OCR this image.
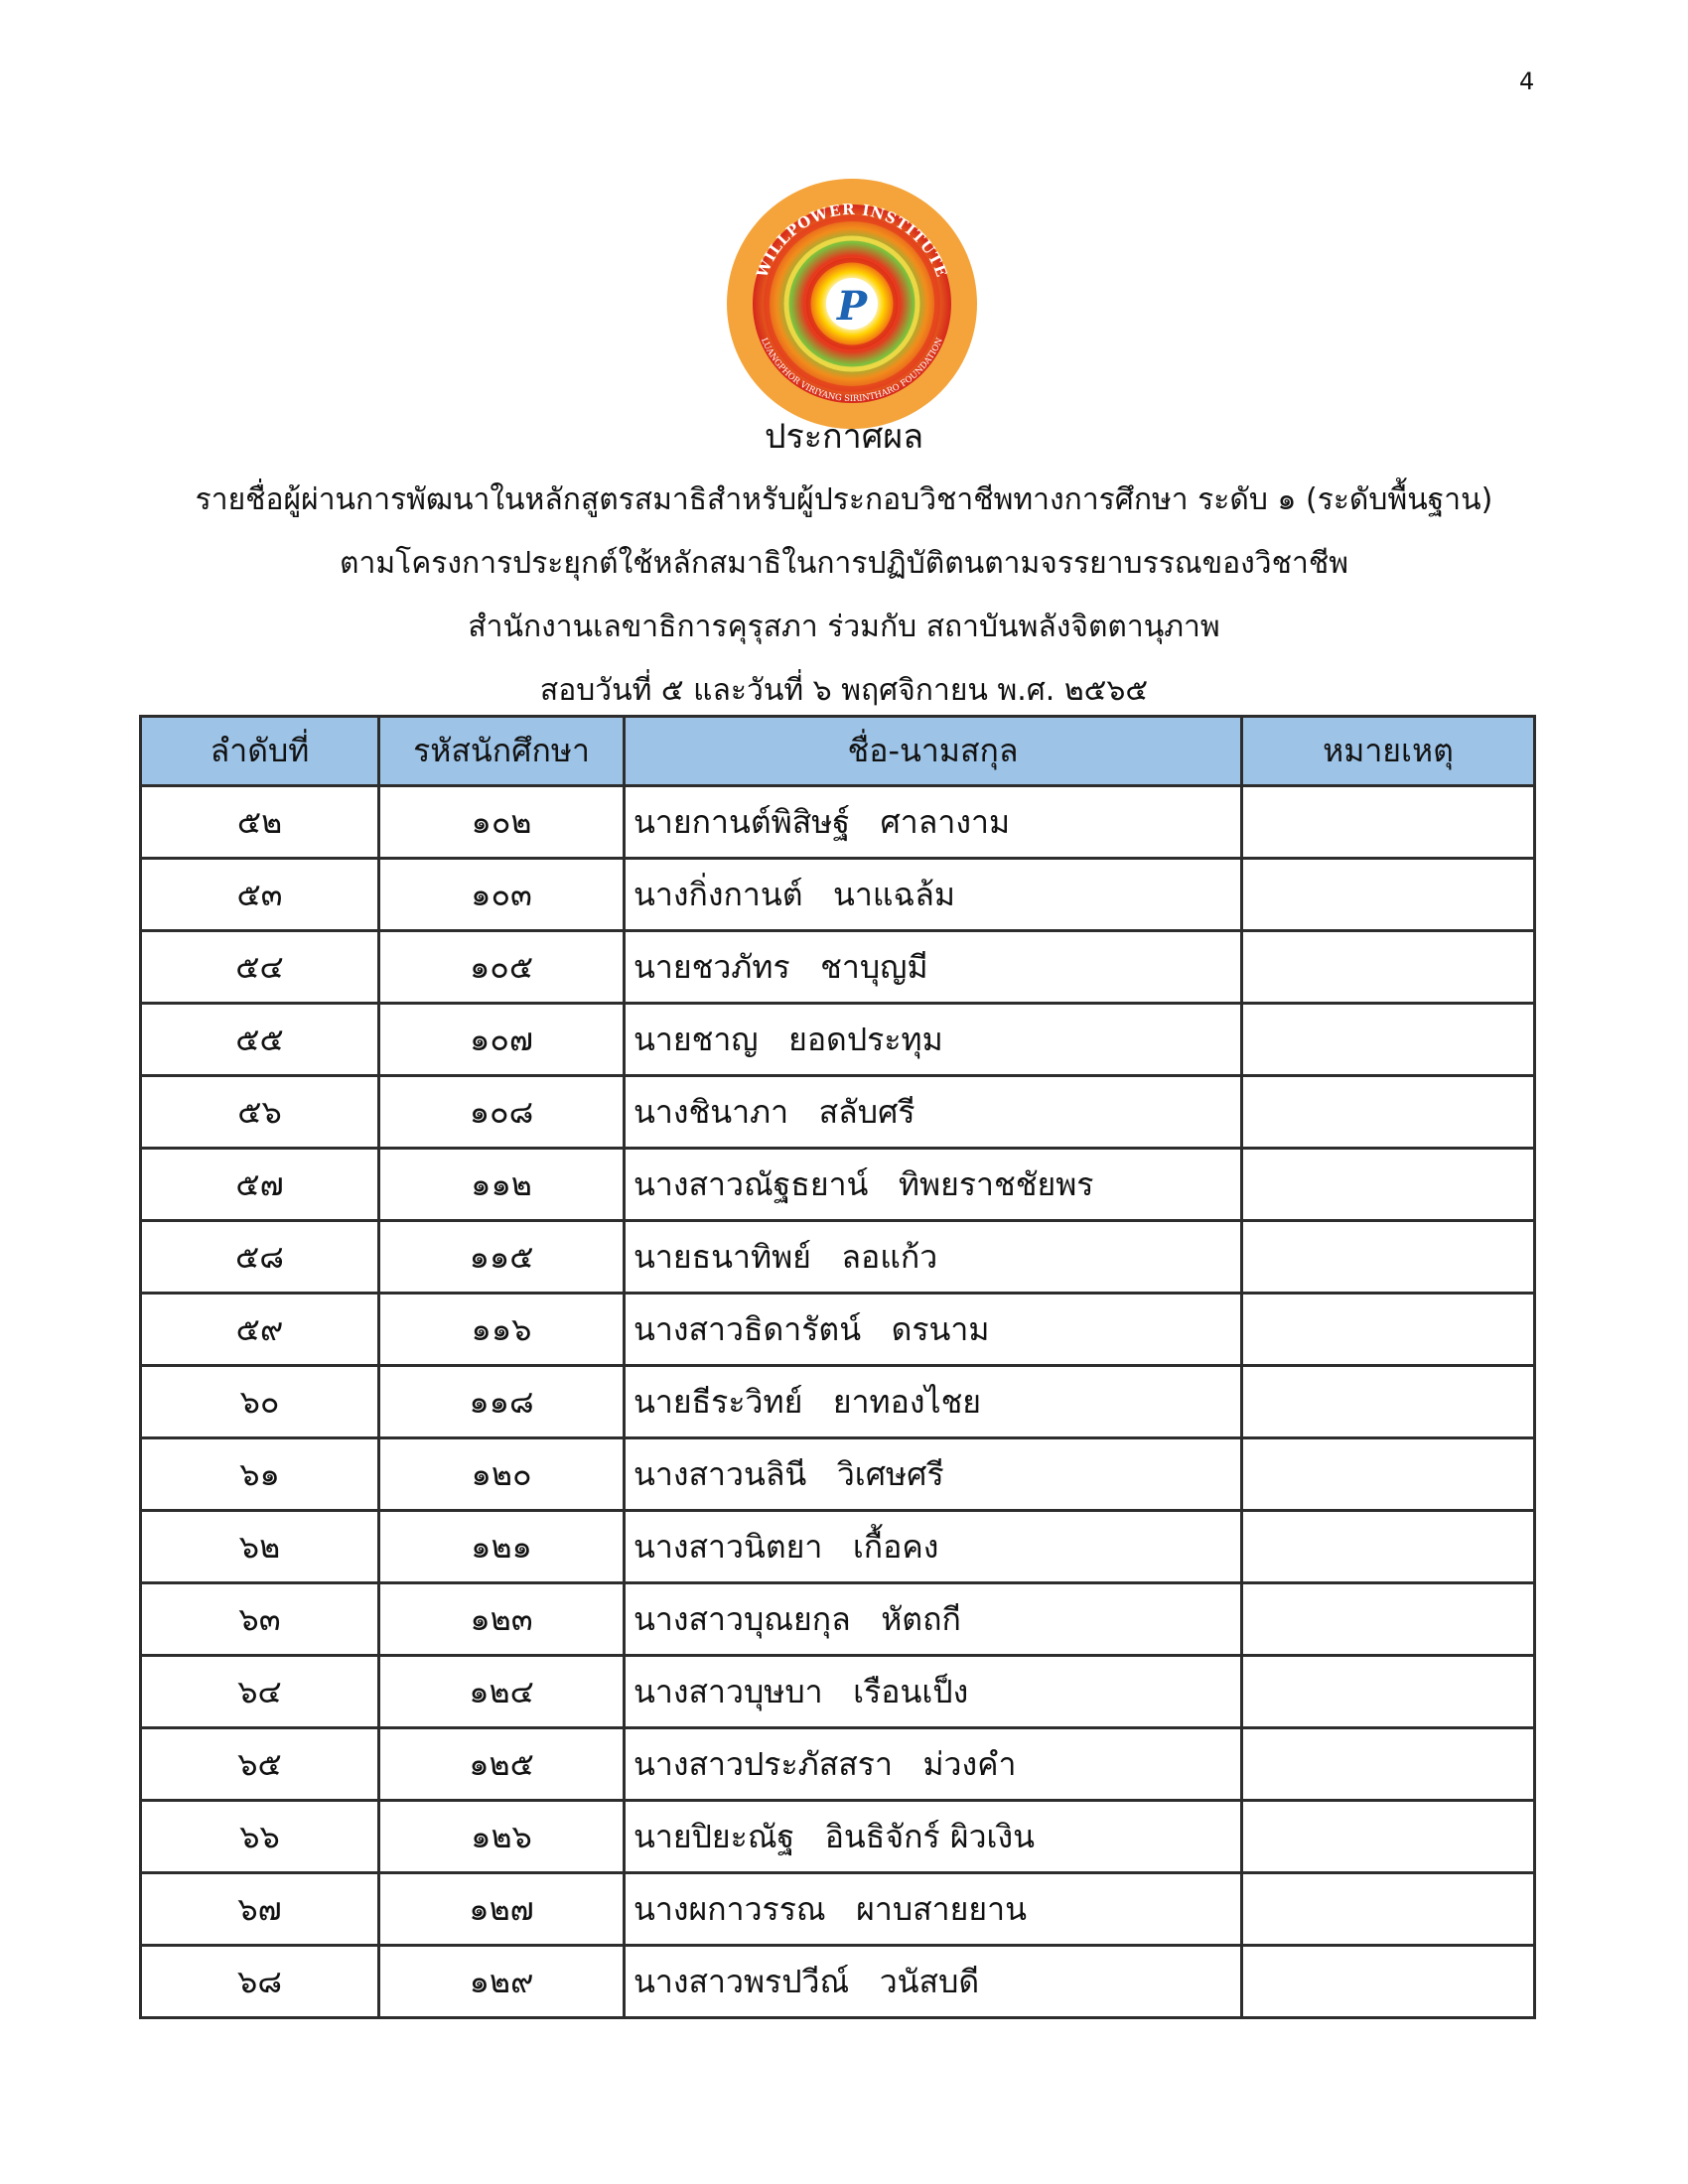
4
P
WILLPOWER INSTITUTE
LUANGPHOR VIRIYANG SIRINTHARO FOUNDATION
ประกาศผล
รายชื่อผู้ผ่านการพัฒนาในหลักสูตรสมาธิสำหรับผู้ประกอบวิชาชีพทางการศึกษา ระดับ ๑ (ระดับพื้นฐาน)
ตามโครงการประยุกต์ใช้หลักสมาธิในการปฏิบัติตนตามจรรยาบรรณของวิชาชีพ
สำนักงานเลขาธิการคุรุสภา ร่วมกับ สถาบันพลังจิตตานุภาพ
สอบวันที่ ๕ และวันที่ ๖ พฤศจิกายน พ.ศ. ๒๕๖๕
ลำดับที่	รหัสนักศึกษา	ชื่อ-นามสกุล	หมายเหตุ
๕๒	๑๐๒	นายกานต์พิสิษฐ์   ศาลางาม	
๕๓	๑๐๓	นางกิ่งกานต์   นาแฉล้ม	
๕๔	๑๐๕	นายชวภัทร   ชาบุญมี	
๕๕	๑๐๗	นายชาญ   ยอดประทุม	
๕๖	๑๐๘	นางชินาภา   สลับศรี	
๕๗	๑๑๒	นางสาวณัฐธยาน์   ทิพยราชชัยพร	
๕๘	๑๑๕	นายธนาทิพย์   ลอแก้ว	
๕๙	๑๑๖	นางสาวธิดารัตน์   ดรนาม	
๖๐	๑๑๘	นายธีระวิทย์   ยาทองไชย	
๖๑	๑๒๐	นางสาวนลินี   วิเศษศรี	
๖๒	๑๒๑	นางสาวนิตยา   เกื้อคง	
๖๓	๑๒๓	นางสาวบุณยกุล   หัตถกี	
๖๔	๑๒๔	นางสาวบุษบา   เรือนเป็ง	
๖๕	๑๒๕	นางสาวประภัสสรา   ม่วงคำ	
๖๖	๑๒๖	นายปิยะณัฐ   อินธิจักร์ ผิวเงิน	
๖๗	๑๒๗	นางผกาวรรณ   ผาบสายยาน	
๖๘	๑๒๙	นางสาวพรปวีณ์   วนัสบดี	
